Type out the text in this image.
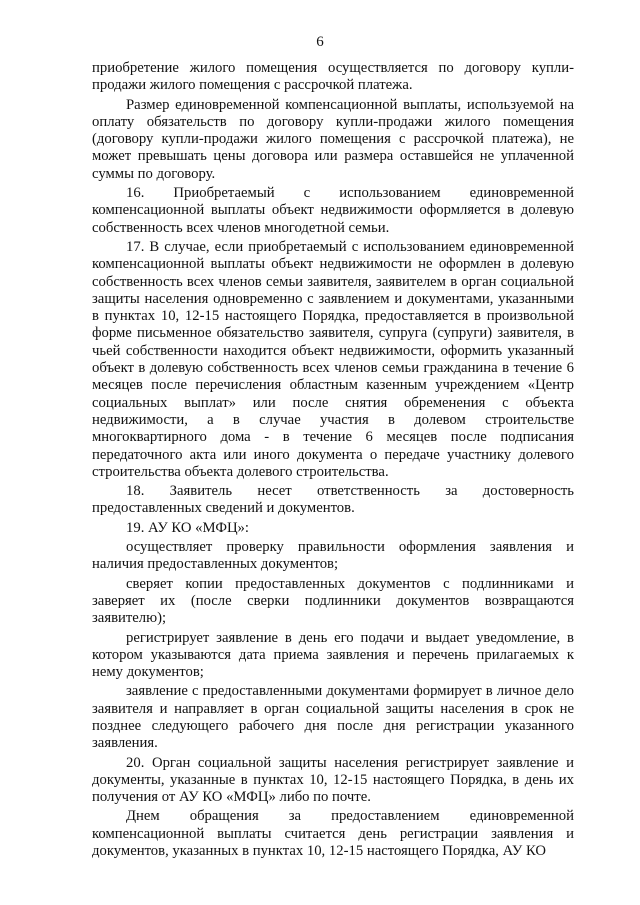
6

приобретение жилого помещения осуществляется по договору купли-продажи жилого помещения с рассрочкой платежа.

Размер единовременной компенсационной выплаты, используемой на оплату обязательств по договору купли-продажи жилого помещения (договору купли-продажи жилого помещения с рассрочкой платежа), не может превышать цены договора или размера оставшейся не уплаченной суммы по договору.

16. Приобретаемый с использованием единовременной компенсационной выплаты объект недвижимости оформляется в долевую собственность всех членов многодетной семьи.

17. В случае, если приобретаемый с использованием единовременной компенсационной выплаты объект недвижимости не оформлен в долевую собственность всех членов семьи заявителя, заявителем в орган социальной защиты населения одновременно с заявлением и документами, указанными в пунктах 10, 12-15 настоящего Порядка, предоставляется в произвольной форме письменное обязательство заявителя, супруга (супруги) заявителя, в чьей собственности находится объект недвижимости, оформить указанный объект в долевую собственность всех членов семьи гражданина в течение 6 месяцев после перечисления областным казенным учреждением «Центр социальных выплат» или после снятия обременения с объекта недвижимости, а в случае участия в долевом строительстве многоквартирного дома - в течение 6 месяцев после подписания передаточного акта или иного документа о передаче участнику долевого строительства объекта долевого строительства.

18. Заявитель несет ответственность за достоверность предоставленных сведений и документов.

19. АУ КО «МФЦ»:

осуществляет проверку правильности оформления заявления и наличия предоставленных документов;

сверяет копии предоставленных документов с подлинниками и заверяет их (после сверки подлинники документов возвращаются заявителю);

регистрирует заявление в день его подачи и выдает уведомление, в котором указываются дата приема заявления и перечень прилагаемых к нему документов;

заявление с предоставленными документами формирует в личное дело заявителя и направляет в орган социальной защиты населения в срок не позднее следующего рабочего дня после дня регистрации указанного заявления.

20. Орган социальной защиты населения регистрирует заявление и документы, указанные в пунктах 10, 12-15 настоящего Порядка, в день их получения от АУ КО «МФЦ» либо по почте.

Днем обращения за предоставлением единовременной компенсационной выплаты считается день регистрации заявления и документов, указанных в пунктах 10, 12-15 настоящего Порядка, АУ КО
